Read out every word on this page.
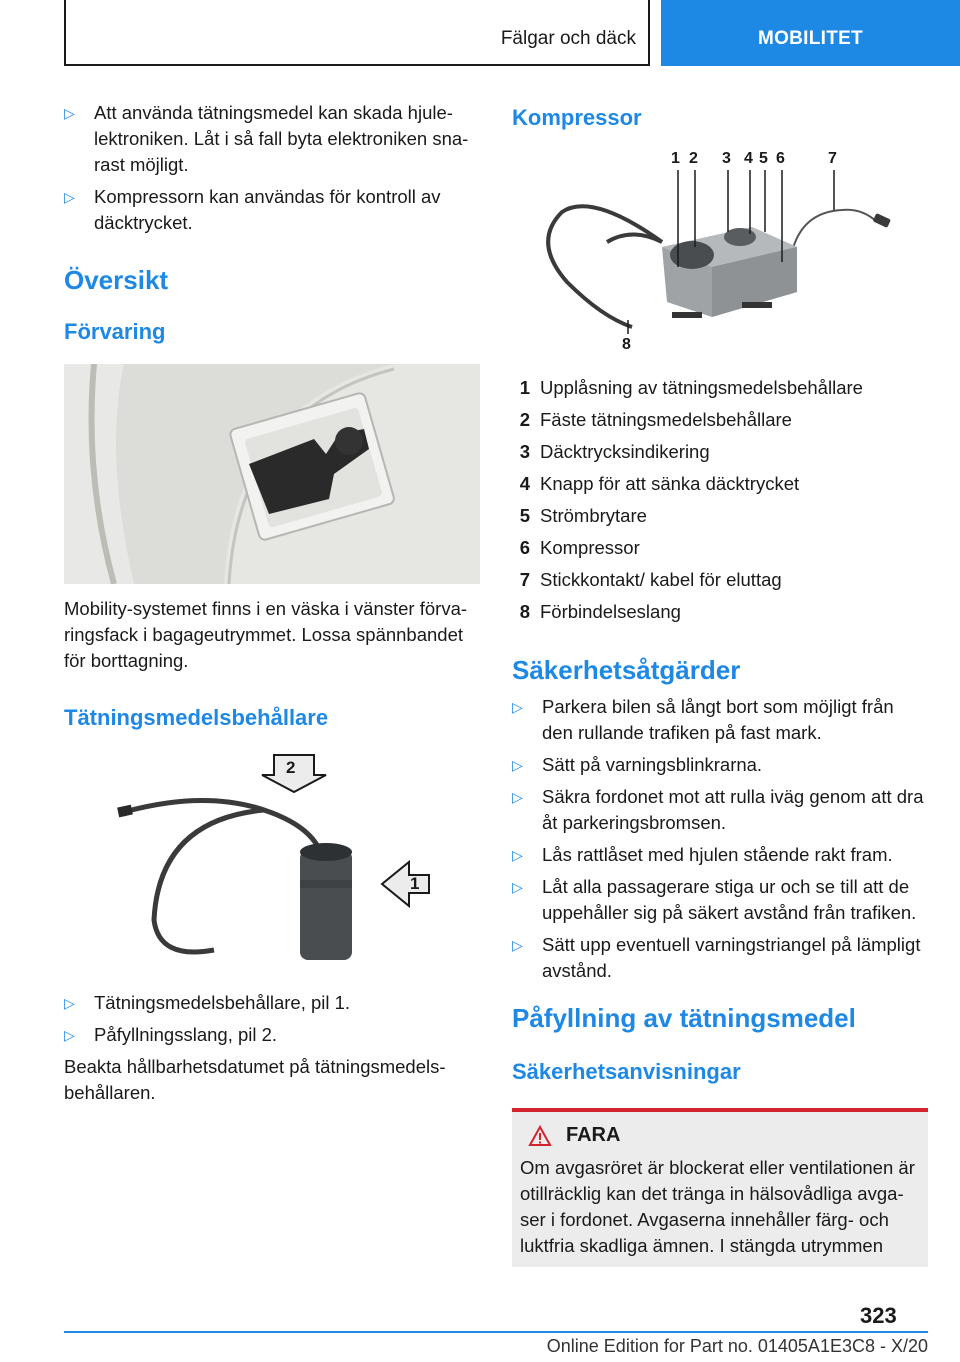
Fälgar och däck	MOBILITET
▷	Att använda tätningsmedel kan skada hjulelektroniken. Låt i så fall byta elektroniken snarast möjligt.
▷	Kompressorn kan användas för kontroll av däcktrycket.
Översikt
Förvaring

Mobility-systemet finns i en väska i vänster förvaringsfack i bagageutrymmet. Lossa spännbandet för borttagning.

Tätningsmedelsbehållare
2
1
▷	Tätningsmedelsbehållare, pil 1.
▷	Påfyllningsslang, pil 2.

Beakta hållbarhetsdatumet på tätningsmedelsbehållaren.

Kompressor
1 2 3 4 5 6	7
8
1 Upplåsning av tätningsmedelsbehållare
2 Fäste tätningsmedelsbehållare
3 Däcktrycksindikering
4 Knapp för att sänka däcktrycket
5 Strömbrytare
6 Kompressor
7 Stickkontakt/ kabel för eluttag
8 Förbindelseslang
Säkerhetsåtgärder
▷	Parkera bilen så långt bort som möjligt från den rullande trafiken på fast mark.
▷	Sätt på varningsblinkrarna.
▷	Säkra fordonet mot att rulla iväg genom att dra åt parkeringsbromsen.
▷	Lås rattlåset med hjulen stående rakt fram.
▷	Låt alla passagerare stiga ur och se till att de uppehåller sig på säkert avstånd från trafiken.
▷	Sätt upp eventuell varningstriangel på lämpligt avstånd.
Påfyllning av tätningsmedel
Säkerhetsanvisningar
FARA

Om avgasröret är blockerat eller ventilationen är otillräcklig kan det tränga in hälsovådliga avgaser i fordonet. Avgaserna innehåller färg- och luktfria skadliga ämnen. I stängda utrymmen

323
Online Edition for Part no. 01405A1E3C8 - X/20
